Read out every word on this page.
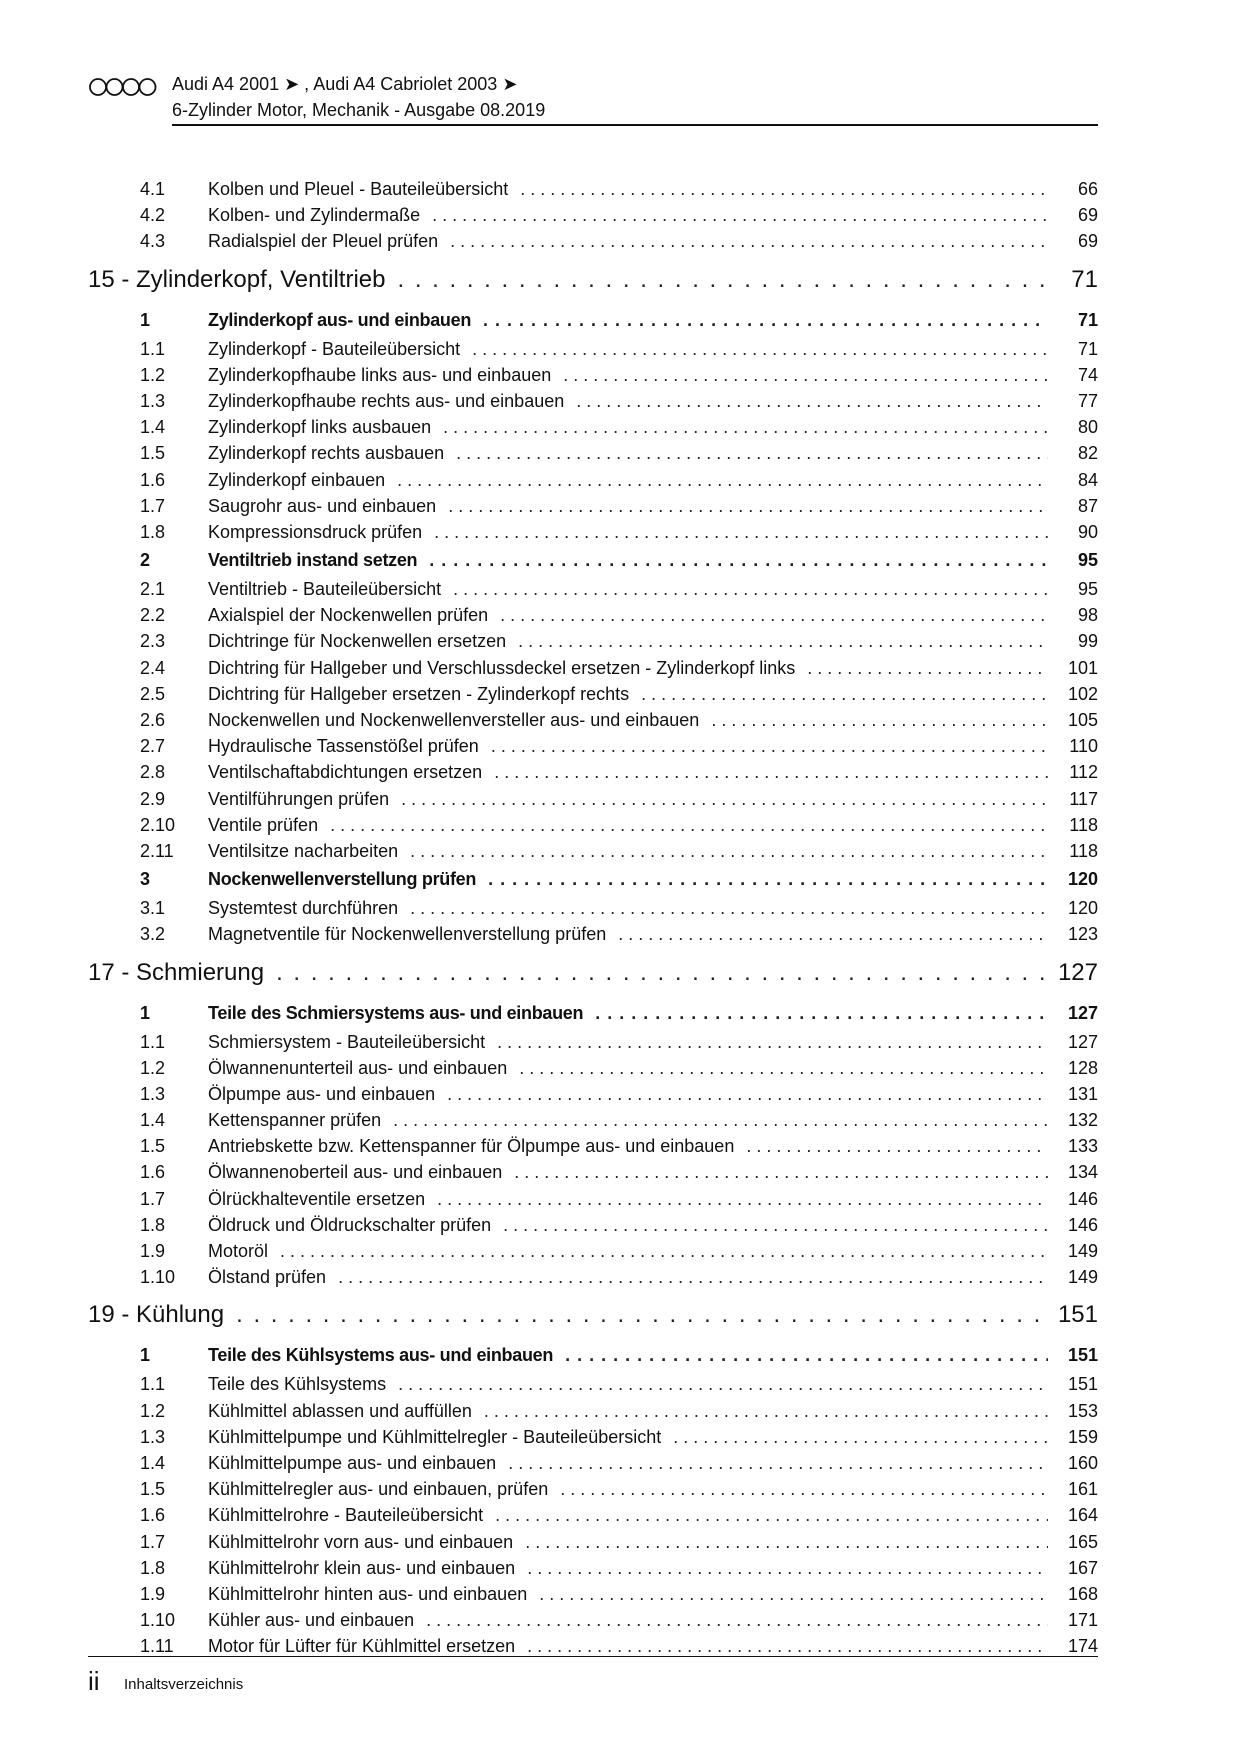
Audi A4 2001 ➤ , Audi A4 Cabriolet 2003 ➤
6-Zylinder Motor, Mechanik - Ausgabe 08.2019
4.1	Kolben und Pleuel - Bauteileübersicht . . .	66
4.2	Kolben- und Zylindermaße . . .	69
4.3	Radialspiel der Pleuel prüfen . . .	69
15 - Zylinderkopf, Ventiltrieb . . .	71
1	Zylinderkopf aus- und einbauen . . .	71
1.1	Zylinderkopf - Bauteileübersicht . . .	71
1.2	Zylinderkopfhaube links aus- und einbauen . . .	74
1.3	Zylinderkopfhaube rechts aus- und einbauen . . .	77
1.4	Zylinderkopf links ausbauen . . .	80
1.5	Zylinderkopf rechts ausbauen . . .	82
1.6	Zylinderkopf einbauen . . .	84
1.7	Saugrohr aus- und einbauen . . .	87
1.8	Kompressionsdruck prüfen . . .	90
2	Ventiltrieb instand setzen . . .	95
2.1	Ventiltrieb - Bauteileübersicht . . .	95
2.2	Axialspiel der Nockenwellen prüfen . . .	98
2.3	Dichtringe für Nockenwellen ersetzen . . .	99
2.4	Dichtring für Hallgeber und Verschlussdeckel ersetzen - Zylinderkopf links . . .	101
2.5	Dichtring für Hallgeber ersetzen - Zylinderkopf rechts . . .	102
2.6	Nockenwellen und Nockenwellenversteller aus- und einbauen . . .	105
2.7	Hydraulische Tassenstößel prüfen . . .	110
2.8	Ventilschaftabdichtungen ersetzen . . .	112
2.9	Ventilführungen prüfen . . .	117
2.10	Ventile prüfen . . .	118
2.11	Ventilsitze nacharbeiten . . .	118
3	Nockenwellenverstellung prüfen . . .	120
3.1	Systemtest durchführen . . .	120
3.2	Magnetventile für Nockenwellenverstellung prüfen . . .	123
17 - Schmierung . . .	127
1	Teile des Schmiersystems aus- und einbauen . . .	127
1.1	Schmiersystem - Bauteileübersicht . . .	127
1.2	Ölwannenunterteil aus- und einbauen . . .	128
1.3	Ölpumpe aus- und einbauen . . .	131
1.4	Kettenspanner prüfen . . .	132
1.5	Antriebskette bzw. Kettenspanner für Ölpumpe aus- und einbauen . . .	133
1.6	Ölwannenoberteil aus- und einbauen . . .	134
1.7	Ölrückhalteventile ersetzen . . .	146
1.8	Öldruck und Öldruckschalter prüfen . . .	146
1.9	Motoröl . . .	149
1.10	Ölstand prüfen . . .	149
19 - Kühlung . . .	151
1	Teile des Kühlsystems aus- und einbauen . . .	151
1.1	Teile des Kühlsystems . . .	151
1.2	Kühlmittel ablassen und auffüllen . . .	153
1.3	Kühlmittelpumpe und Kühlmittelregler - Bauteileübersicht . . .	159
1.4	Kühlmittelpumpe aus- und einbauen . . .	160
1.5	Kühlmittelregler aus- und einbauen, prüfen . . .	161
1.6	Kühlmittelrohre - Bauteileübersicht . . .	164
1.7	Kühlmittelrohr vorn aus- und einbauen . . .	165
1.8	Kühlmittelrohr klein aus- und einbauen . . .	167
1.9	Kühlmittelrohr hinten aus- und einbauen . . .	168
1.10	Kühler aus- und einbauen . . .	171
1.11	Motor für Lüfter für Kühlmittel ersetzen . . .	174
ii Inhaltsverzeichnis
